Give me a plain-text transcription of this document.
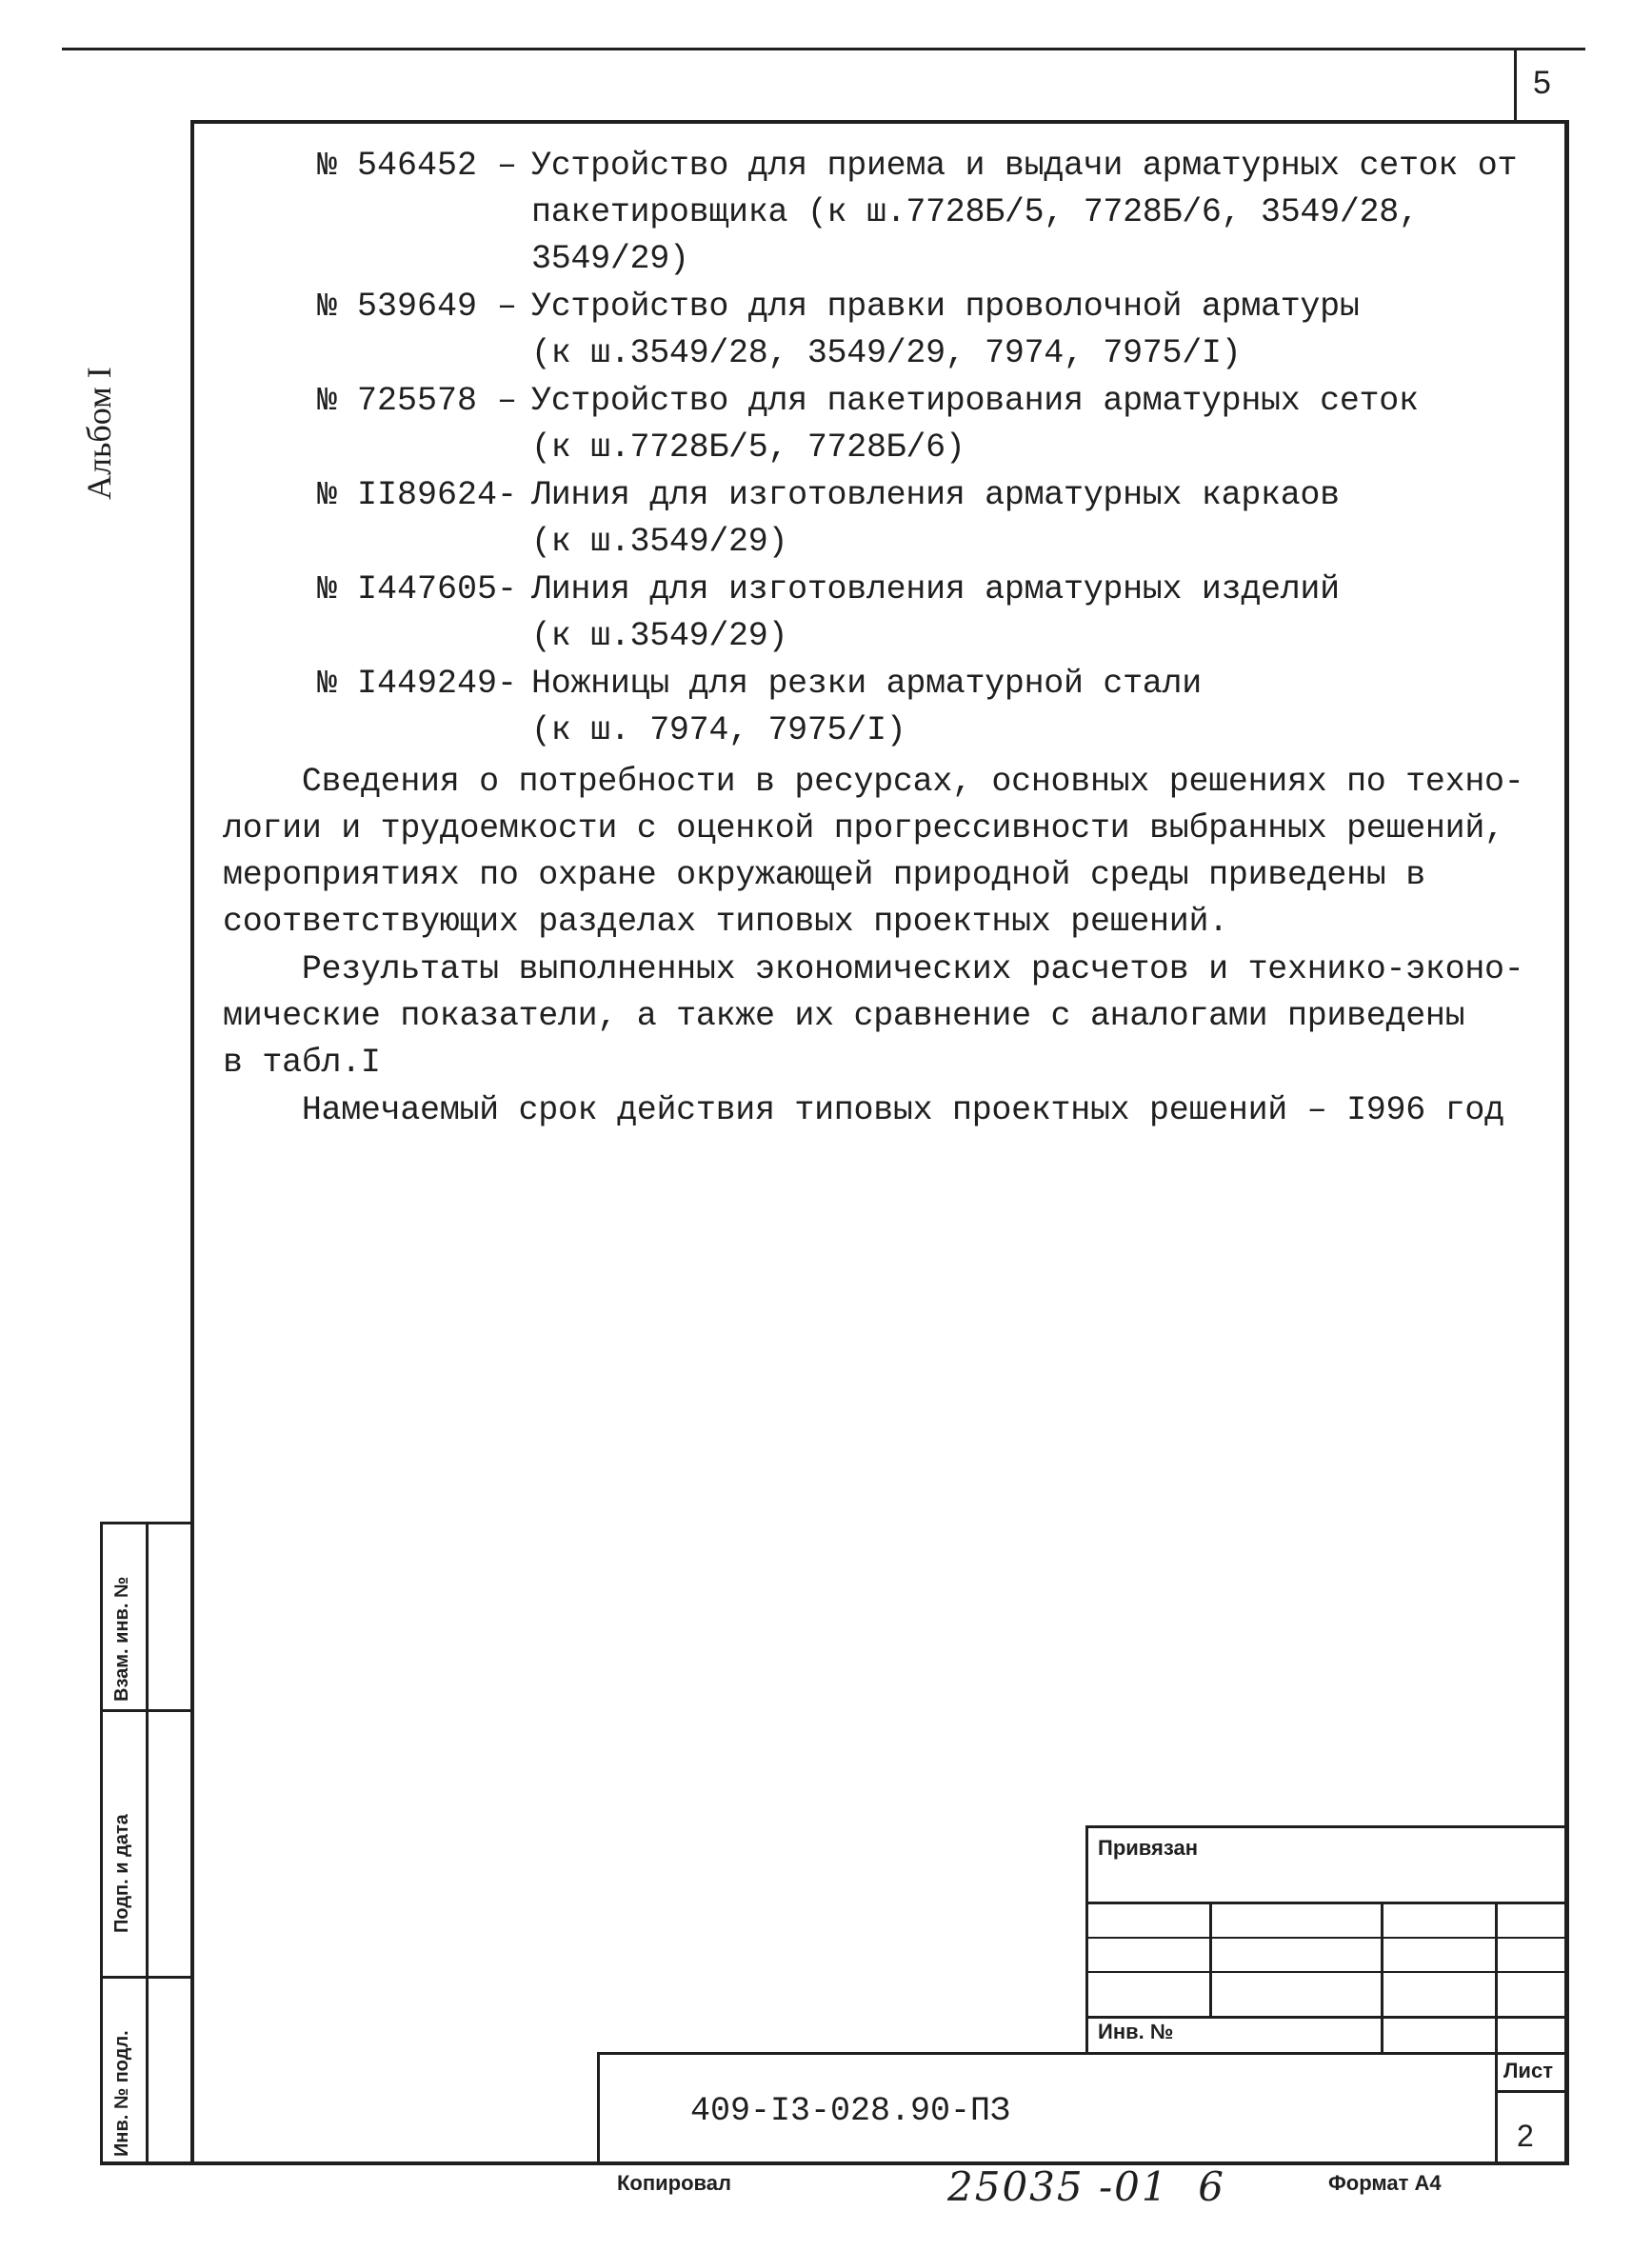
5
Альбом I
№ 546452 – Устройство для приема и выдачи арматурных сеток от
пакетировщика (к ш.7728Б/5, 7728Б/6, 3549/28,
3549/29)
№ 539649 – Устройство для правки проволочной арматуры
(к ш.3549/28, 3549/29, 7974, 7975/I)
№ 725578 – Устройство для пакетирования арматурных сеток
(к ш.7728Б/5, 7728Б/6)
№ II89624- Линия для изготовления арматурных каркаов
(к ш.3549/29)
№ I447605- Линия для изготовления арматурных изделий
(к ш.3549/29)
№ I449249- Ножницы для резки арматурной стали
(к ш. 7974, 7975/I)
Сведения о потребности в ресурсах, основных решениях по техно-
логии и трудоемкости с оценкой прогрессивности выбранных решений,
мероприятиях по охране окружающей природной среды приведены в
соответствующих разделах типовых проектных решений.
Результаты выполненных экономических расчетов и технико-эконо-
мические показатели, а также их сравнение с аналогами приведены
в табл.I
Намечаемый срок действия типовых проектных решений – I996 год
Взам. инв. №
Подп. и дата
Инв. № подл.
Привязан
Инв. №
409-I3-028.90-ПЗ
Лист
2
Копировал	25035 -01  6	Формат А4
